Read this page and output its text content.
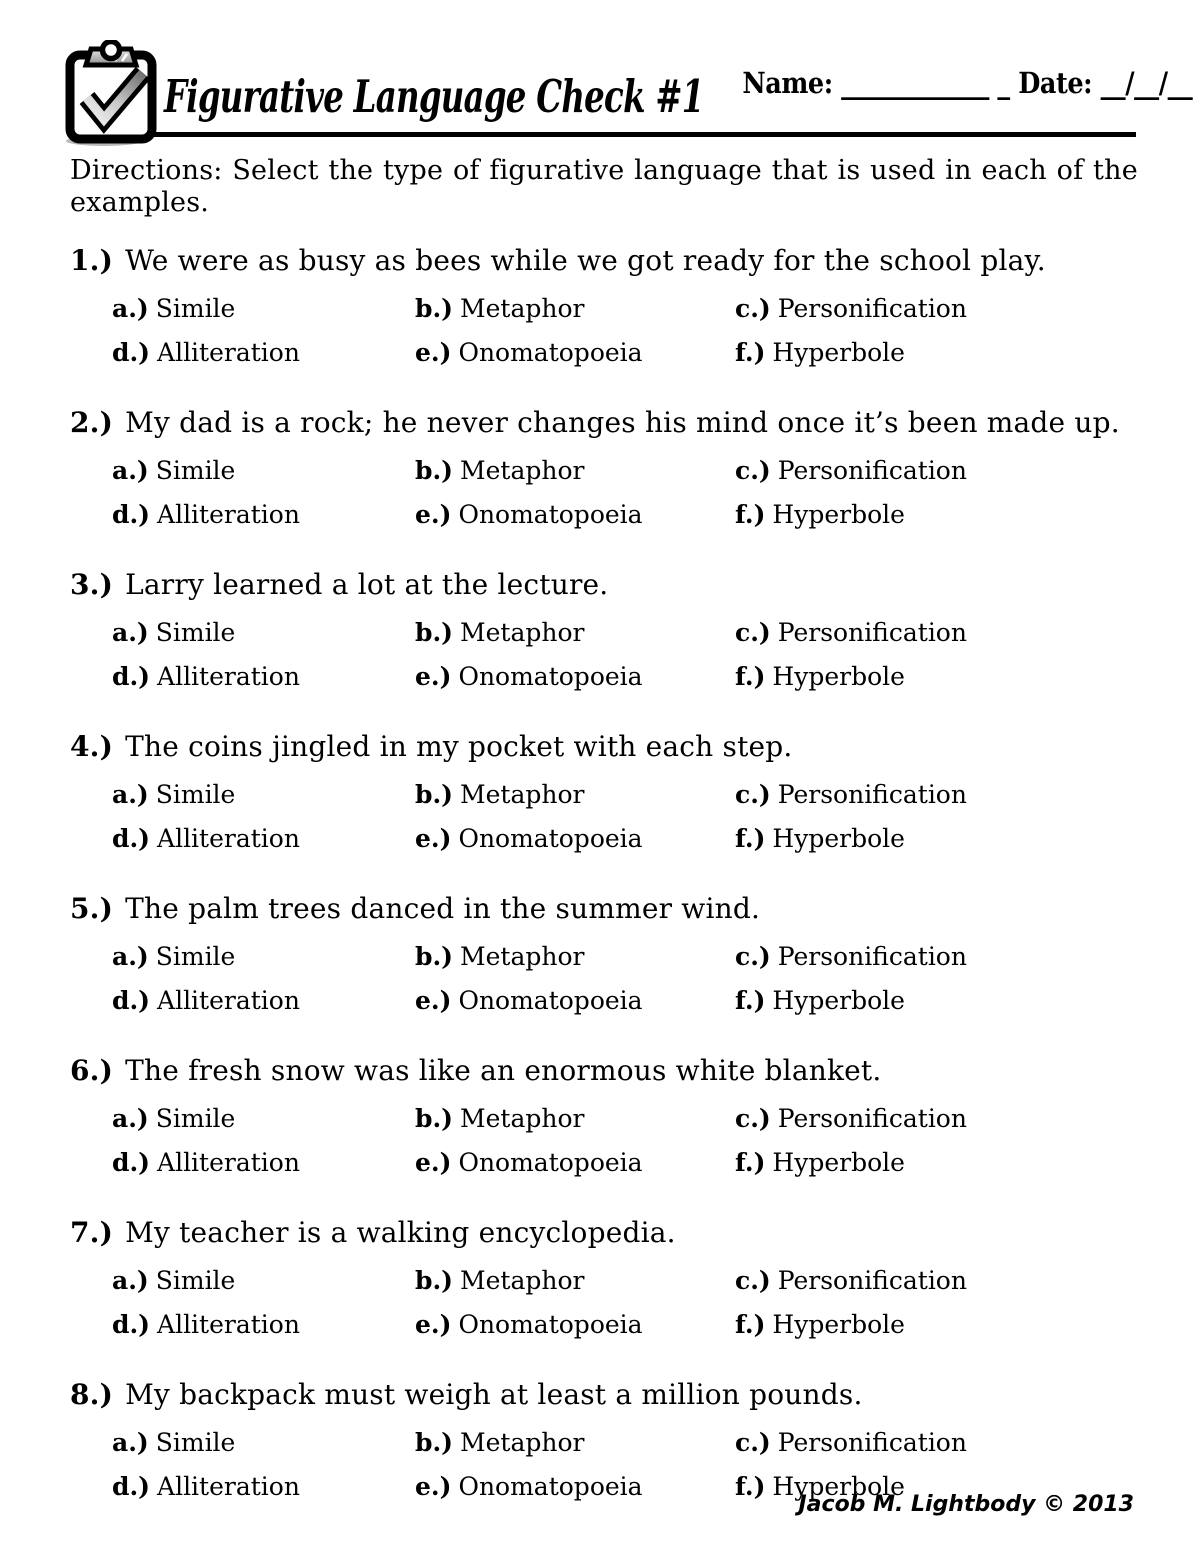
Figurative Language Check #1	Name: ____________ _ Date: __/__/__

Directions: Select the type of figurative language that is used in each of the examples.

1.) We were as busy as bees while we got ready for the school play.

a.) Simile	b.) Metaphor	c.) Personification
d.) Alliteration	e.) Onomatopoeia	f.) Hyperbole

2.) My dad is a rock; he never changes his mind once it’s been made up.

a.) Simile	b.) Metaphor	c.) Personification
d.) Alliteration	e.) Onomatopoeia	f.) Hyperbole

3.) Larry learned a lot at the lecture.

a.) Simile	b.) Metaphor	c.) Personification
d.) Alliteration	e.) Onomatopoeia	f.) Hyperbole

4.) The coins jingled in my pocket with each step.

a.) Simile	b.) Metaphor	c.) Personification
d.) Alliteration	e.) Onomatopoeia	f.) Hyperbole

5.) The palm trees danced in the summer wind.

a.) Simile	b.) Metaphor	c.) Personification
d.) Alliteration	e.) Onomatopoeia	f.) Hyperbole

6.) The fresh snow was like an enormous white blanket.

a.) Simile	b.) Metaphor	c.) Personification
d.) Alliteration	e.) Onomatopoeia	f.) Hyperbole

7.) My teacher is a walking encyclopedia.

a.) Simile	b.) Metaphor	c.) Personification
d.) Alliteration	e.) Onomatopoeia	f.) Hyperbole

8.) My backpack must weigh at least a million pounds.

a.) Simile	b.) Metaphor	c.) Personification
d.) Alliteration	e.) Onomatopoeia	f.) Hyperbole
Jacob M. Lightbody © 2013
